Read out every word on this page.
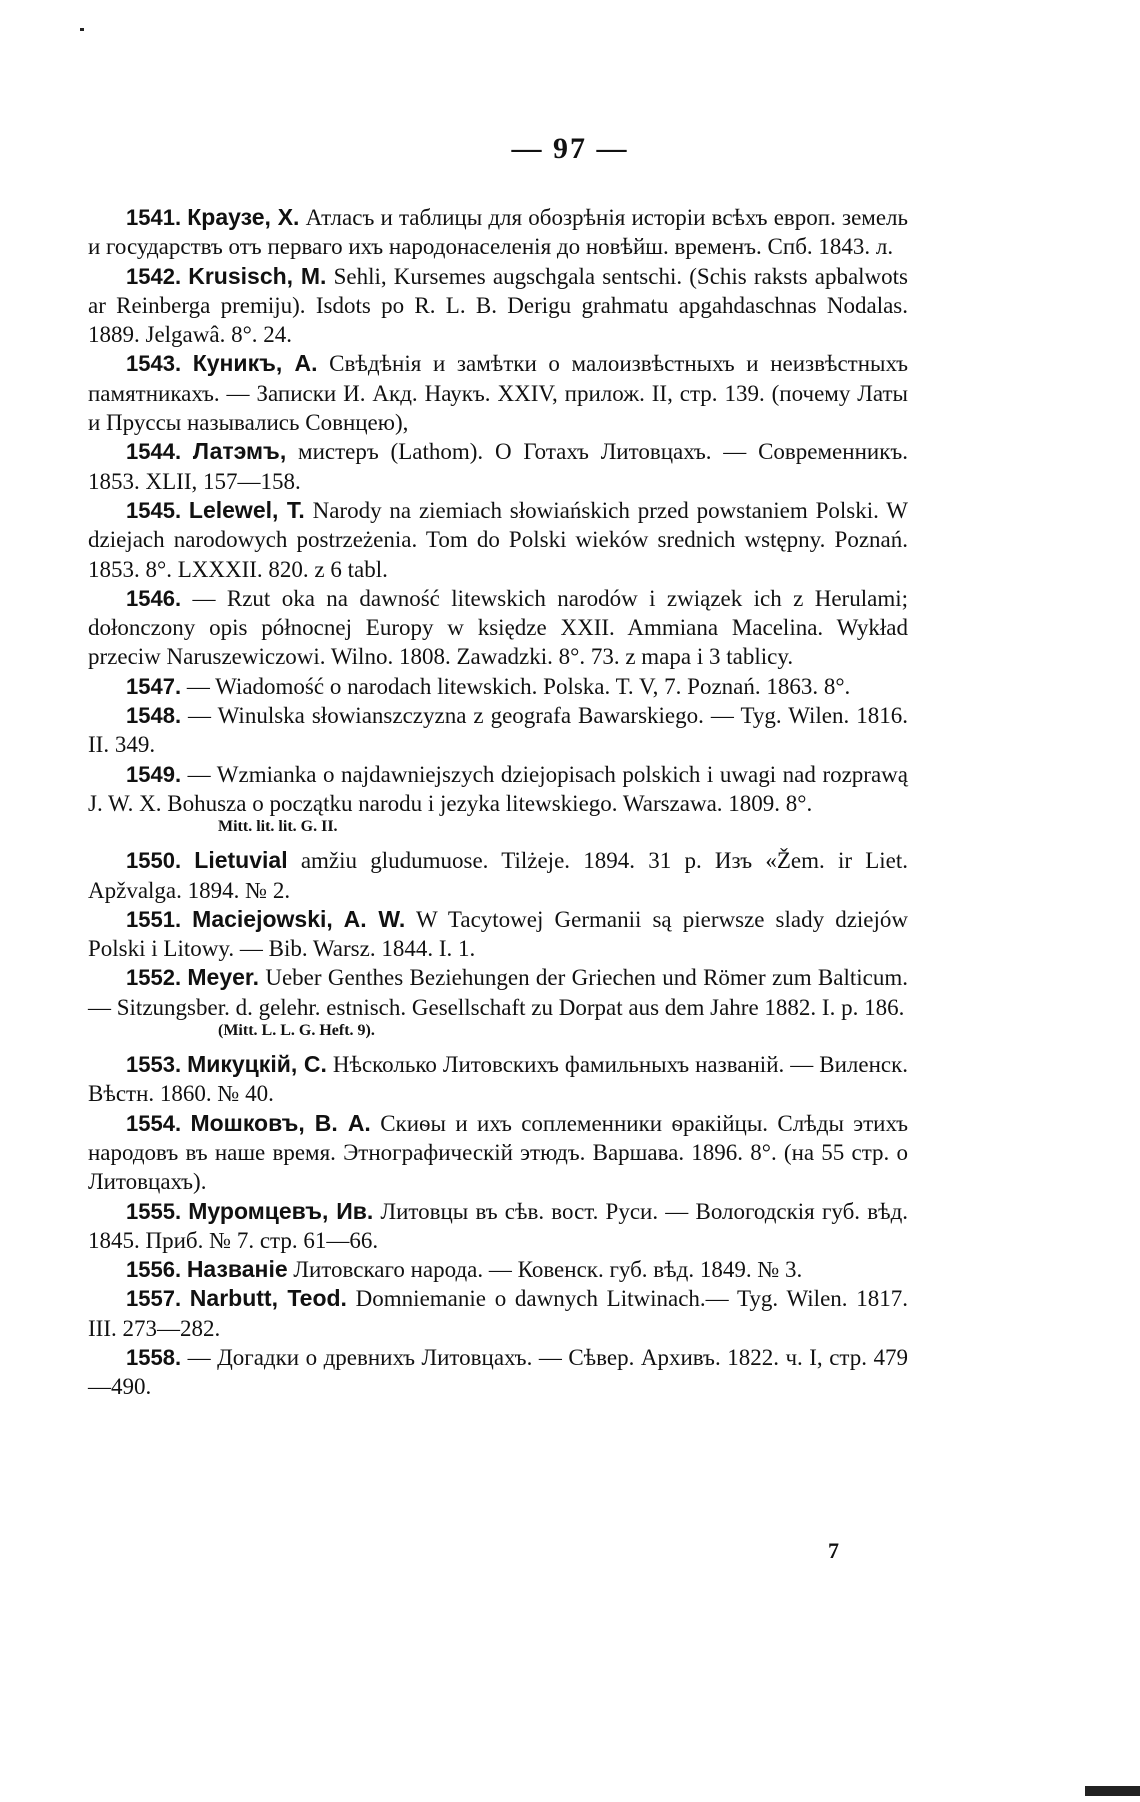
— 97 —

1541. Краузе, Х. Атласъ и таблицы для обозрѣнія исторіи всѣхъ европ. земель и государствъ отъ перваго ихъ народонаселенія до новѣйш. временъ. Спб. 1843. л.

1542. Krusisch, M. Sehli, Kursemes augschgala sentschi. (Schis raksts apbalwots ar Reinberga premiju). Isdots po R. L. B. Derigu grahmatu apgahdaschnas Nodalas. 1889. Jelgawâ. 8°. 24.

1543. Куникъ, А. Свѣдѣнія и замѣтки о малоизвѣстныхъ и неизвѣстныхъ памятникахъ. — Записки И. Акд. Наукъ. XXIV, прилож. II, стр. 139. (почему Латы и Пруссы назывались Совнцею),

1544. Латэмъ, мистеръ (Lathom). О Готахъ Литовцахъ. — Современникъ. 1853. XLII, 157—158.

1545. Lelewel, T. Narody na ziemiach słowiańskich przed powstaniem Polski. W dziejach narodowych postrzeżenia. Tom do Polski wieków srednich wstępny. Poznań. 1853. 8°. LXXXII. 820. z 6 tabl.

1546. — Rzut oka na dawność litewskich narodów i związek ich z Herulami; dołonczony opis północnej Europy w księdze XXII. Ammiana Macelina. Wykład przeciw Naruszewiczowi. Wilno. 1808. Zawadzki. 8°. 73. z mapa i 3 tablicy.

1547. — Wiadomość o narodach litewskich. Polska. T. V, 7. Poznań. 1863. 8°.

1548. — Winulska słowianszczyzna z geografa Bawarskiego. — Tyg. Wilen. 1816. II. 349.

1549. — Wzmianka o najdawniejszych dziejopisach polskich i uwagi nad rozprawą J. W. X. Bohusza o początku narodu i jezyka litewskiego. Warszawa. 1809. 8°.

Mitt. lit. lit. G. II.

1550. Lietuvial amžiu gludumuose. Tilżeje. 1894. 31 p. Изъ «Žem. ir Liet. Apžvalga. 1894. № 2.

1551. Maciejowski, A. W. W Tacytowej Germanii są pierwsze slady dziejów Polski i Litowy. — Bib. Warsz. 1844. I. 1.

1552. Meyer. Ueber Genthes Beziehungen der Griechen und Römer zum Balticum. — Sitzungsber. d. gelehr. estnisch. Gesellschaft zu Dorpat aus dem Jahre 1882. I. p. 186.

(Mitt. L. L. G. Heft. 9).

1553. Микуцкій, С. Нѣсколько Литовскихъ фамильныхъ названій. — Виленск. Вѣстн. 1860. № 40.

1554. Мошковъ, В. А. Скиѳы и ихъ соплеменники ѳракійцы. Слѣды этихъ народовъ въ наше время. Этнографическій этюдъ. Варшава. 1896. 8°. (на 55 стр. о Литовцахъ).

1555. Муромцевъ, Ив. Литовцы въ сѣв. вост. Руси. — Вологодскія губ. вѣд. 1845. Приб. № 7. стр. 61—66.

1556. Названіе Литовскаго народа. — Ковенск. губ. вѣд. 1849. № 3.

1557. Narbutt, Teod. Domniemanie o dawnych Litwinach.— Tyg. Wilen. 1817. III. 273—282.

1558. — Догадки о древнихъ Литовцахъ. — Сѣвер. Архивъ. 1822. ч. I, стр. 479—490.

7
